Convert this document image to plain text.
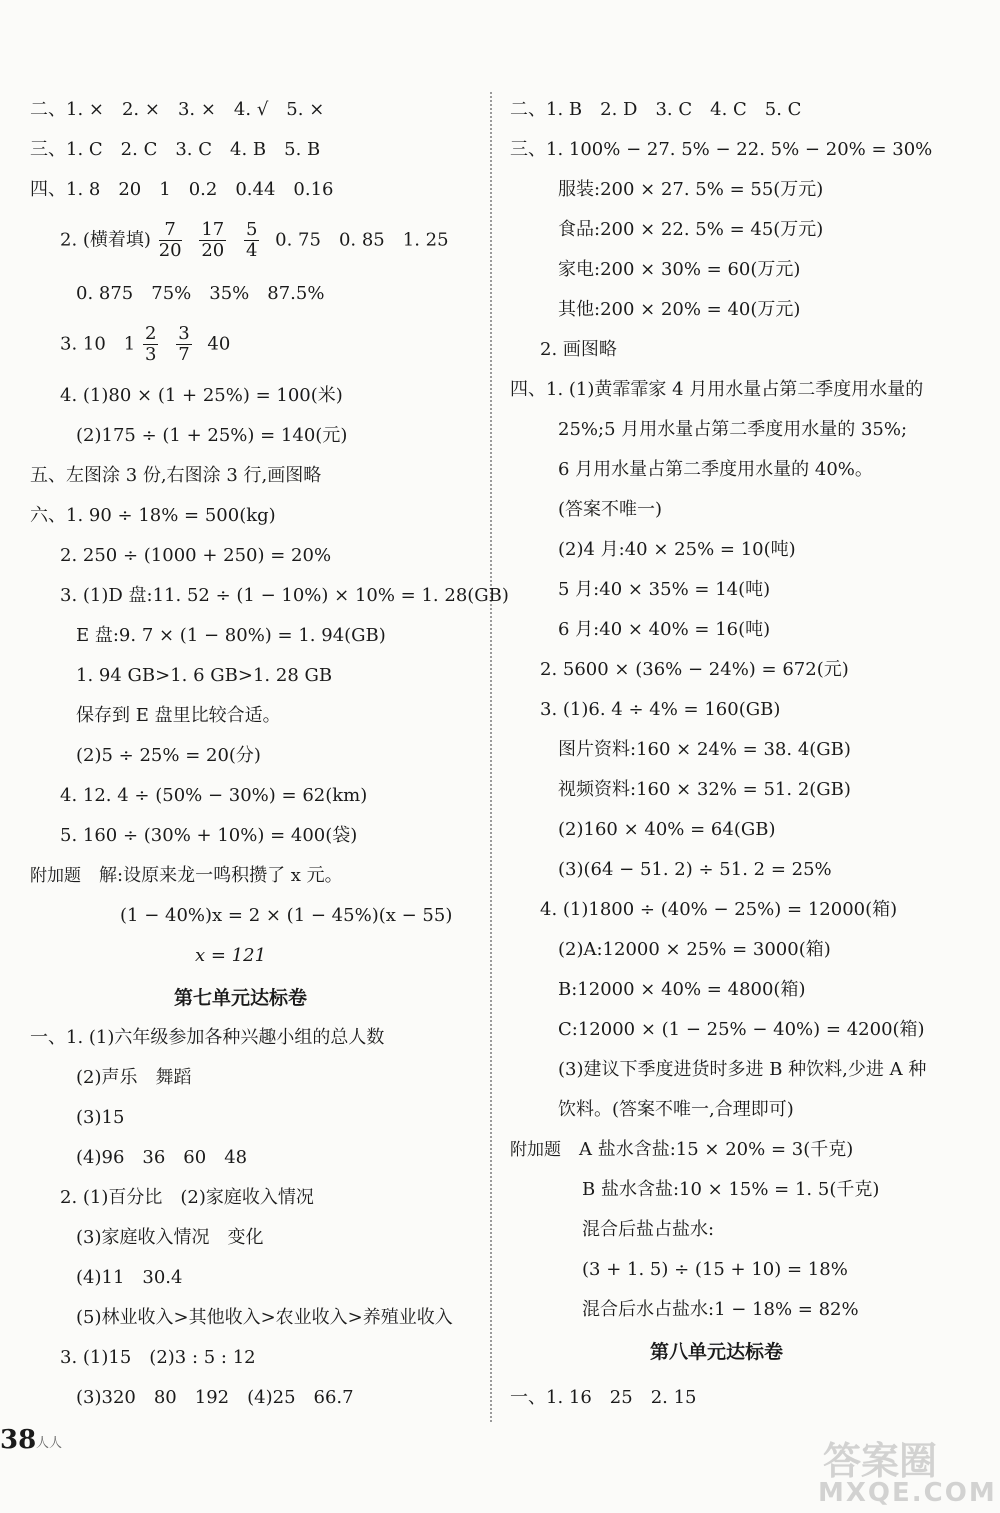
二、1. ×　2. ×　3. ×　4. √　5. ×
三、1. C　2. C　3. C　4. B　5. B
四、1. 8　20　1　0.2　0.44　0.16
2. (横着填) $\frac{7}{20}$
$\frac{17}{20}$
$\frac{5}{4} 0$. 75　0. 85　1. 25
0. 875　75%　35%　87.5%
3. 10　$1 \frac{2}{3}$
$\frac{3}{7} 40$
4. (1)80 × (1 + 25%) = 100(米)
(2)175 ÷ (1 + 25%) = 140(元)
五、左图涂 3 份,右图涂 3 行,画图略
六、1. 90 ÷ 18% = 500(kg)
2. 250 ÷ (1000 + 250) = 20%
3. (1)D 盘:11. 52 ÷ (1 − 10%) × 10% = 1. 28(GB)
E 盘:9. 7 × (1 − 80%) = 1. 94(GB)
1. 94 GB>1. 6 GB>1. 28 GB
保存到 E 盘里比较合适。
(2)5 ÷ 25% = 20(分)
4. 12. 4 ÷ (50% − 30%) = 62(km)
5. 160 ÷ (30% + 10%) = 400(袋)
附加题 解:设原来龙一鸣积攒了 x 元。
(1 − 40%)x = 2 × (1 − 45%)(x − 55)
x = 121
第七单元达标卷
一、1. (1)六年级参加各种兴趣小组的总人数
(2)声乐　舞蹈
(3)15
(4)96　36　60　48
2. (1)百分比　(2)家庭收入情况
(3)家庭收入情况　变化
(4)11　30.4
(5)林业收入>其他收入>农业收入>养殖业收入
3. (1)15　(2)3 : 5 : 12
(3)320　80　192　(4)25　66.7
二、1. B　2. D　3. C　4. C　5. C
三、1. 100% − 27. 5% − 22. 5% − 20% = 30%
服装:200 × 27. 5% = 55(万元)
食品:200 × 22. 5% = 45(万元)
家电:200 × 30% = 60(万元)
其他:200 × 20% = 40(万元)
2. 画图略
四、1. (1)黄霏霏家 4 月用水量占第二季度用水量的
25%;5 月用水量占第二季度用水量的 35%;
6 月用水量占第二季度用水量的 40%。
(答案不唯一)
(2)4 月:40 × 25% = 10(吨)
5 月:40 × 35% = 14(吨)
6 月:40 × 40% = 16(吨)
2. 5600 × (36% − 24%) = 672(元)
3. (1)6. 4 ÷ 4% = 160(GB)
图片资料:160 × 24% = 38. 4(GB)
视频资料:160 × 32% = 51. 2(GB)
(2)160 × 40% = 64(GB)
(3)(64 − 51. 2) ÷ 51. 2 = 25%
4. (1)1800 ÷ (40% − 25%) = 12000(箱)
(2)A:12000 × 25% = 3000(箱)
B:12000 × 40% = 4800(箱)
C:12000 × (1 − 25% − 40%) = 4200(箱)
(3)建议下季度进货时多进 B 种饮料,少进 A 种
饮料。(答案不唯一,合理即可)
附加题 A 盐水含盐:15 × 20% = 3(千克)
B 盐水含盐:10 × 15% = 1. 5(千克)
混合后盐占盐水:
(3 + 1. 5) ÷ (15 + 10) = 18%
混合后水占盐水:1 − 18% = 82%
第八单元达标卷
一、1. 16　25　2. 15
38 人人	答案圈
MXQE.COM
